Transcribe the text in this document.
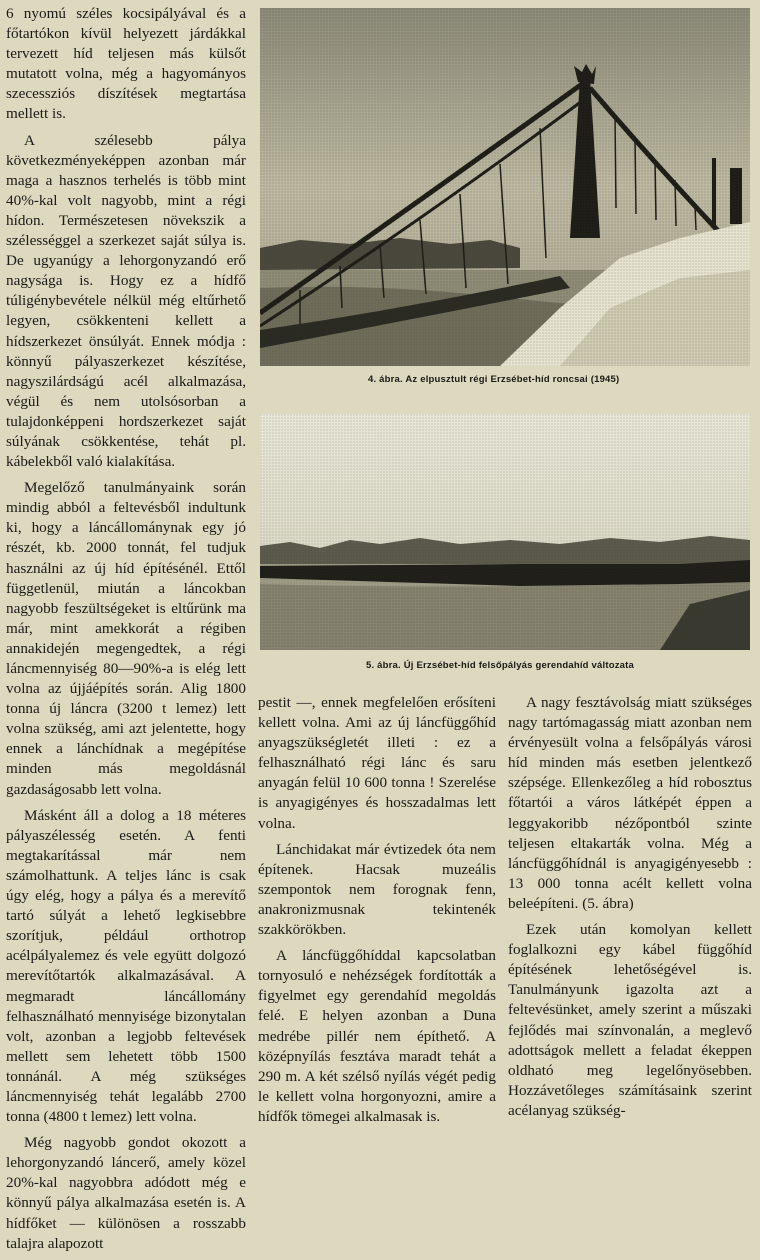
6 nyomú széles kocsipályával és a főtartókon kívül helyezett járdákkal tervezett híd teljesen más külsőt mutatott volna, még a hagyományos szecessziós díszítések megtartása mellett is.

A szélesebb pálya következményeképpen azonban már maga a hasznos terhelés is több mint 40%-kal volt nagyobb, mint a régi hídon. Természetesen növekszik a szélességgel a szerkezet saját súlya is. De ugyanúgy a lehorgonyzandó erő nagysága is. Hogy ez a hídfő túligénybevétele nélkül még eltűrhető legyen, csökkenteni kellett a hídszerkezet önsúlyát. Ennek módja : könnyű pályaszerkezet készítése, nagyszilárdságú acél alkalmazása, végül és nem utolsósorban a tulajdonképpeni hordszerkezet saját súlyának csökkentése, tehát pl. kábelekből való kialakítása.

Megelőző tanulmányaink során mindig abból a feltevésből indultunk ki, hogy a láncállománynak egy jó részét, kb. 2000 tonnát, fel tudjuk használni az új híd építésénél. Ettől függetlenül, miután a láncokban nagyobb feszültségeket is eltűrünk ma már, mint amekkorát a régiben annakidején megengedtek, a régi láncmennyiség 80—90%-a is elég lett volna az újjáépítés során. Alig 1800 tonna új láncra (3200 t lemez) lett volna szükség, ami azt jelentette, hogy ennek a lánchídnak a megépítése minden más megoldásnál gazdaságosabb lett volna.

Másként áll a dolog a 18 méteres pályaszélesség esetén. A fenti megtakarítással már nem számolhattunk. A teljes lánc is csak úgy elég, hogy a pálya és a merevítő tartó súlyát a lehető legkisebbre szorítjuk, például orthotrop acélpályalemez és vele együtt dolgozó merevítőtartók alkalmazásával. A megmaradt láncállomány felhasználható mennyisége bizonytalan volt, azonban a legjobb feltevések mellett sem lehetett több 1500 tonnánál. A még szükséges láncmennyiség tehát legalább 2700 tonna (4800 t lemez) lett volna.

Még nagyobb gondot okozott a lehorgonyzandó láncerő, amely közel 20%-kal nagyobbra adódott még e könnyű pálya alkalmazása esetén is. A hídfőket — különösen a rosszabb talajra alapozott

4. ábra. Az elpusztult régi Erzsébet-híd roncsai (1945)
5. ábra. Új Erzsébet-híd felsőpályás gerendahíd változata

pestit —, ennek megfelelően erősíteni kellett volna. Ami az új láncfüggőhíd anyagszükségletét illeti : ez a felhasználható régi lánc és saru anyagán felül 10 600 tonna ! Szerelése is anyagigényes és hosszadalmas lett volna.

Lánchidakat már évtizedek óta nem építenek. Hacsak muzeális szempontok nem forognak fenn, anakronizmusnak tekintenék szakkörökben.

A láncfüggőhíddal kapcsolatban tornyosuló e nehézségek fordították a figyelmet egy gerendahíd megoldás felé. E helyen azonban a Duna medrébe pillér nem építhető. A középnyílás fesztáva maradt tehát a 290 m. A két szélső nyílás végét pedig le kellett volna horgonyozni, amire a hídfők tömegei alkalmasak is.

A nagy fesztávolság miatt szükséges nagy tartómagasság miatt azonban nem érvényesült volna a felsőpályás városi híd minden más esetben jelentkező szépsége. Ellenkezőleg a híd robosztus főtartói a város látképét éppen a leggyakoribb nézőpontból szinte teljesen eltakarták volna. Még a láncfüggőhídnál is anyagigényesebb : 13 000 tonna acélt kellett volna beleépíteni. (5. ábra)

Ezek után komolyan kellett foglalkozni egy kábel függőhíd építésének lehetőségével is. Tanulmányunk igazolta azt a feltevésünket, amely szerint a műszaki fejlődés mai színvonalán, a meglevő adottságok mellett a feladat ékeppen oldható meg legelőnyösebben. Hozzávetőleges számításaink szerint acélanyag szükség-
